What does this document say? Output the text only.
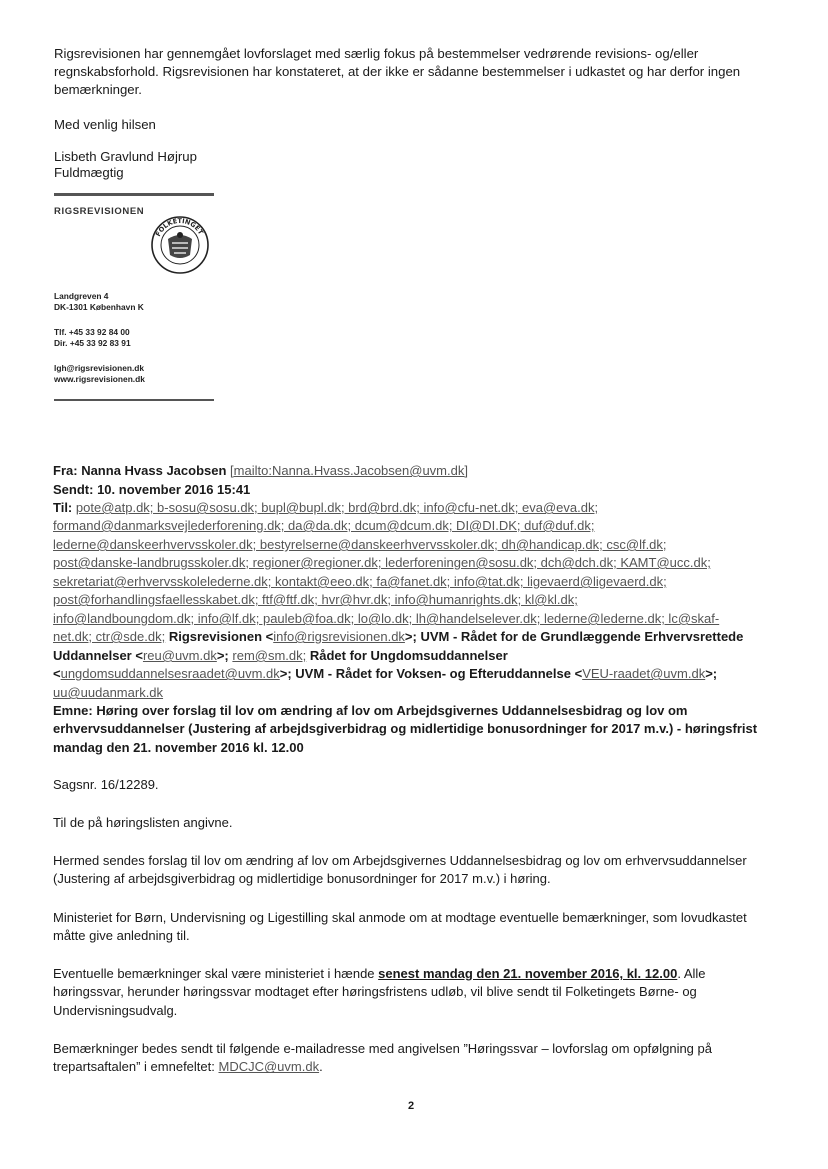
Rigsrevisionen har gennemgået lovforslaget med særlig fokus på bestemmelser vedrørende revisions- og/eller regnskabsforhold. Rigsrevisionen har konstateret, at der ikke er sådanne bestemmelser i udkastet og har derfor ingen bemærkninger.

Med venlig hilsen

Lisbeth Gravlund Højrup

Fuldmægtig

RIGSREVISIONEN
FOLKETINGET
Landgreven 4
DK-1301 København K
Tlf. +45 33 92 84 00
Dir. +45 33 92 83 91
lgh@rigsrevisionen.dk
www.rigsrevisionen.dk
Fra: Nanna Hvass Jacobsen [mailto:Nanna.Hvass.Jacobsen@uvm.dk]
Sendt: 10. november 2016 15:41
Til: pote@atp.dk; b-sosu@sosu.dk; bupl@bupl.dk; brd@brd.dk; info@cfu-net.dk; eva@eva.dk;
formand@danmarksvejlederforening.dk; da@da.dk; dcum@dcum.dk; DI@DI.DK; duf@duf.dk;
lederne@danskeerhvervsskoler.dk; bestyrelserne@danskeerhvervsskoler.dk; dh@handicap.dk; csc@lf.dk;
post@danske-landbrugsskoler.dk; regioner@regioner.dk; lederforeningen@sosu.dk; dch@dch.dk; KAMT@ucc.dk;
sekretariat@erhvervsskolelederne.dk; kontakt@eeo.dk; fa@fanet.dk; info@tat.dk; ligevaerd@ligevaerd.dk;
post@forhandlingsfaellesskabet.dk; ftf@ftf.dk; hvr@hvr.dk; info@humanrights.dk; kl@kl.dk;
info@landboungdom.dk; info@lf.dk; pauleb@foa.dk; lo@lo.dk; lh@handelselever.dk; lederne@lederne.dk; lc@skaf-
net.dk; ctr@sde.dk; Rigsrevisionen <info@rigsrevisionen.dk>; UVM - Rådet for de Grundlæggende Erhvervsrettede
Uddannelser <reu@uvm.dk>; rem@sm.dk; Rådet for Ungdomsuddannelser
<ungdomsuddannelsesraadet@uvm.dk>; UVM - Rådet for Voksen- og Efteruddannelse <VEU-raadet@uvm.dk>;
uu@uudanmark.dk
Emne: Høring over forslag til lov om ændring af lov om Arbejdsgivernes Uddannelsesbidrag og lov om
erhvervsuddannelser (Justering af arbejdsgiverbidrag og midlertidige bonusordninger for 2017 m.v.) - høringsfrist
mandag den 21. november 2016 kl. 12.00

Sagsnr. 16/12289.

Til de på høringslisten angivne.

Hermed sendes forslag til lov om ændring af lov om Arbejdsgivernes Uddannelsesbidrag og lov om erhvervsuddannelser (Justering af arbejdsgiverbidrag og midlertidige bonusordninger for 2017 m.v.) i høring.

Ministeriet for Børn, Undervisning og Ligestilling skal anmode om at modtage eventuelle bemærkninger, som lovudkastet måtte give anledning til.

Eventuelle bemærkninger skal være ministeriet i hænde senest mandag den 21. november 2016, kl. 12.00. Alle høringssvar, herunder høringssvar modtaget efter høringsfristens udløb, vil blive sendt til Folketingets Børne- og Undervisningsudvalg.

Bemærkninger bedes sendt til følgende e-mailadresse med angivelsen ”Høringssvar – lovforslag om opfølgning på trepartsaftalen” i emnefeltet: MDCJC@uvm.dk.

2
